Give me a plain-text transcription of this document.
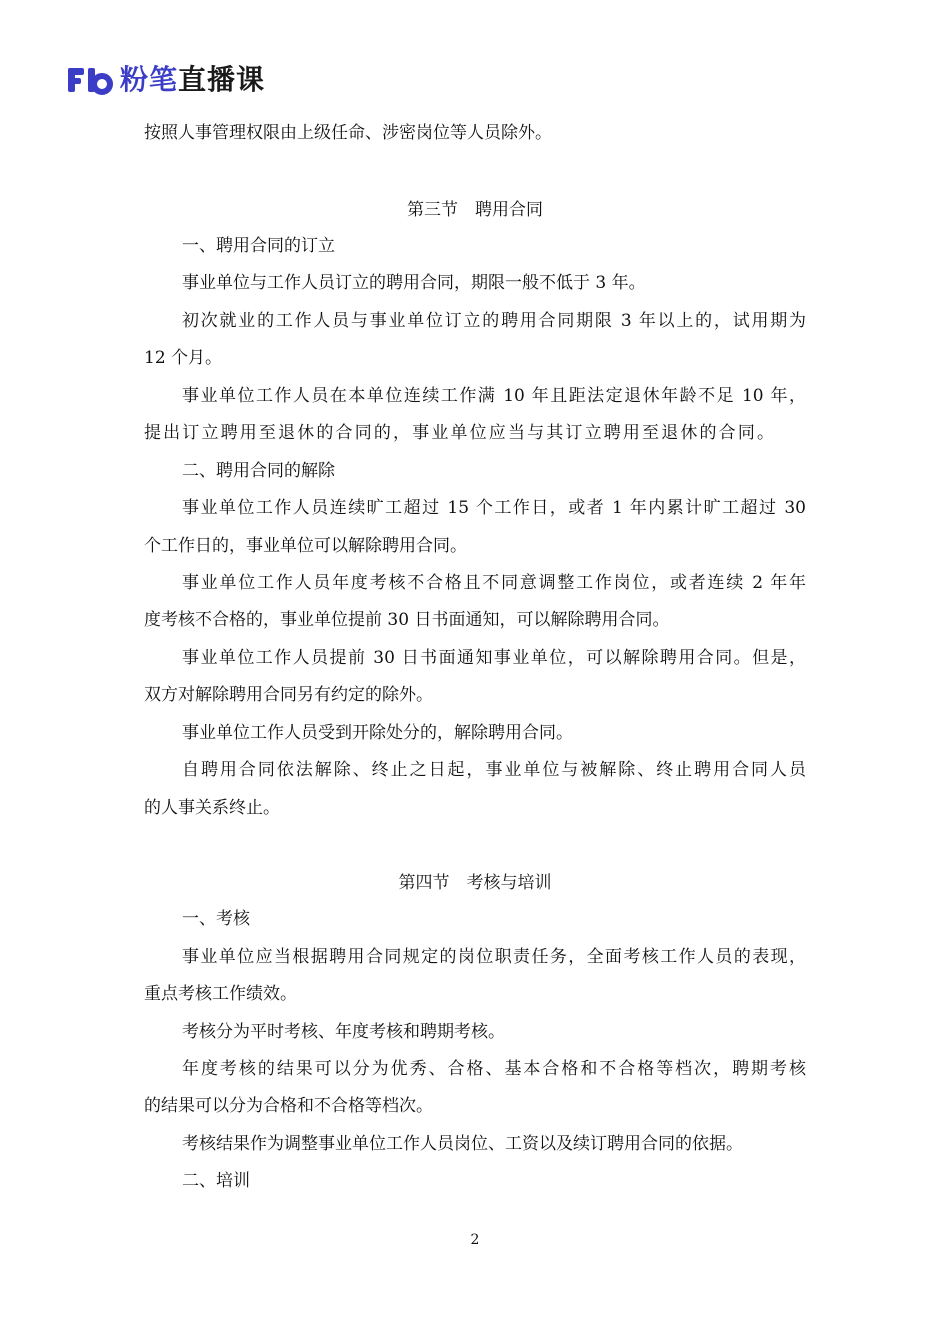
粉笔直播课
按照人事管理权限由上级任命、涉密岗位等人员除外。
第三节　聘用合同
一、聘用合同的订立
事业单位与工作人员订立的聘用合同，期限一般不低于 3 年。
初次就业的工作人员与事业单位订立的聘用合同期限 3 年以上的，试用期为
12 个月。
事业单位工作人员在本单位连续工作满 10 年且距法定退休年龄不足 10 年，
提出订立聘用至退休的合同的，事业单位应当与其订立聘用至退休的合同。
二、聘用合同的解除
事业单位工作人员连续旷工超过 15 个工作日，或者 1 年内累计旷工超过 30
个工作日的，事业单位可以解除聘用合同。
事业单位工作人员年度考核不合格且不同意调整工作岗位，或者连续 2 年年
度考核不合格的，事业单位提前 30 日书面通知，可以解除聘用合同。
事业单位工作人员提前 30 日书面通知事业单位，可以解除聘用合同。但是，
双方对解除聘用合同另有约定的除外。
事业单位工作人员受到开除处分的，解除聘用合同。
自聘用合同依法解除、终止之日起，事业单位与被解除、终止聘用合同人员
的人事关系终止。
第四节　考核与培训
一、考核
事业单位应当根据聘用合同规定的岗位职责任务，全面考核工作人员的表现，
重点考核工作绩效。
考核分为平时考核、年度考核和聘期考核。
年度考核的结果可以分为优秀、合格、基本合格和不合格等档次，聘期考核
的结果可以分为合格和不合格等档次。
考核结果作为调整事业单位工作人员岗位、工资以及续订聘用合同的依据。
二、培训
2
